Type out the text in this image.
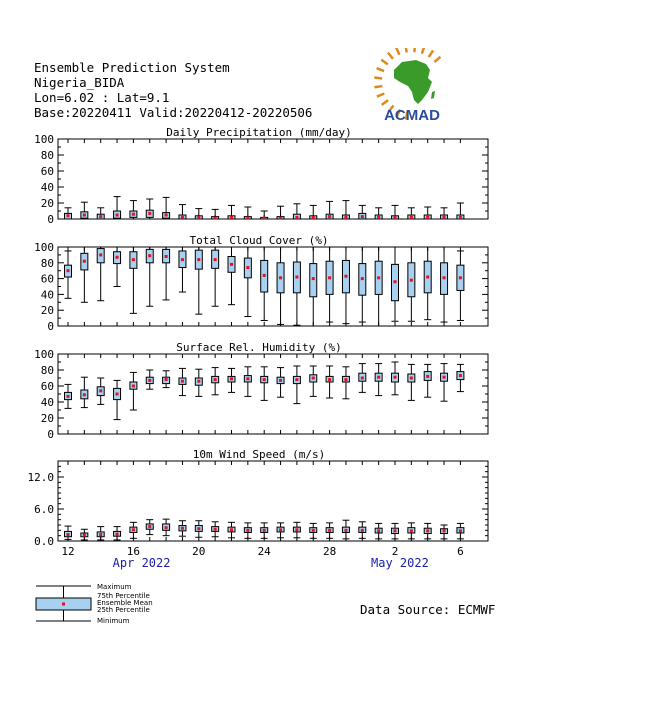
Ensemble Prediction System
Nigeria_BIDA
Lon=6.02 : Lat=9.1
Base:20220411 Valid:20220412-20220506	ACMAD
Daily Precipitation (mm/day)
0
20
40
60
80
100
Total Cloud Cover (%)
0
20
40
60
80
100
Surface Rel. Humidity (%)
0
20
40
60
80
100
10m Wind Speed (m/s)
0.0
6.0
12.0
12	16	20	24	28	2	6
Apr 2022	May 2022
Maximum
75th Percentile
Ensemble Mean
25th Percentile
Minimum
Data Source: ECMWF
